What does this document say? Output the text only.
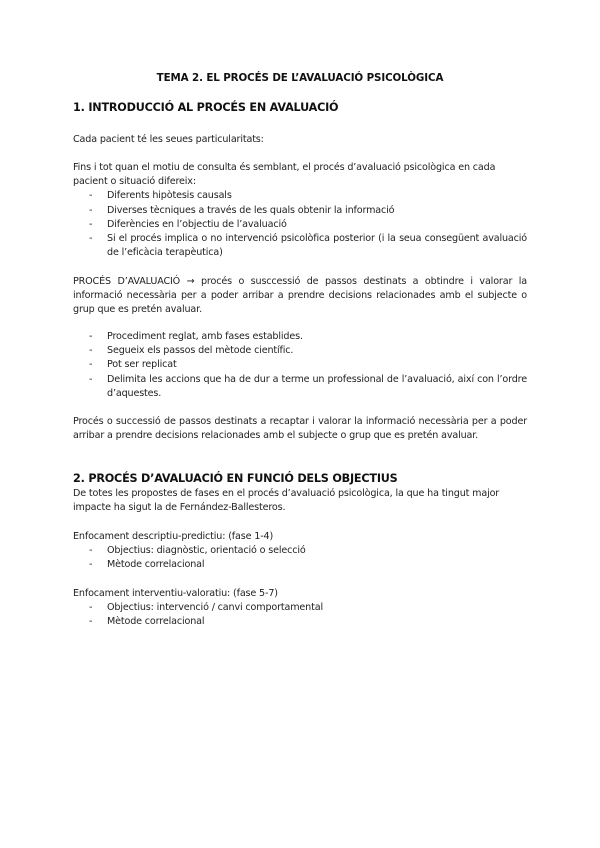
TEMA 2. EL PROCÉS DE L’AVALUACIÓ PSICOLÒGICA
1. INTRODUCCIÓ AL PROCÉS EN AVALUACIÓ
Cada pacient té les seues particularitats:
Fins i tot quan el motiu de consulta és semblant, el procés d’avaluació psicològica en cada pacient o situació difereix:
- Diferents hipòtesis causals
- Diverses tècniques a través de les quals obtenir la informació
- Diferències en l’objectiu de l’avaluació
- Si el procés implica o no intervenció psicolòfica posterior (i la seua consegüent avaluació de l’eficàcia terapèutica)
PROCÉS D’AVALUACIÓ → procés o susccessió de passos destinats a obtindre i valorar la informació necessària per a poder arribar a prendre decisions relacionades amb el subjecte o grup que es pretén avaluar.
- Procediment reglat, amb fases establides.
- Segueix els passos del mètode científic.
- Pot ser replicat
- Delimita les accions que ha de dur a terme un professional de l’avaluació, així con l’ordre d’aquestes.
Procés o successió de passos destinats a recaptar i valorar la informació necessària per a poder arribar a prendre decisions relacionades amb el subjecte o grup que es pretén avaluar.
2. PROCÉS D’AVALUACIÓ EN FUNCIÓ DELS OBJECTIUS
De totes les propostes de fases en el procés d’avaluació psicològica, la que ha tingut major impacte ha sigut la de Fernández-Ballesteros.
Enfocament descriptiu-predictiu: (fase 1-4)
- Objectius: diagnòstic, orientació o selecció
- Mètode correlacional
Enfocament interventiu-valoratiu: (fase 5-7)
- Objectius: intervenció / canvi comportamental
- Mètode correlacional
